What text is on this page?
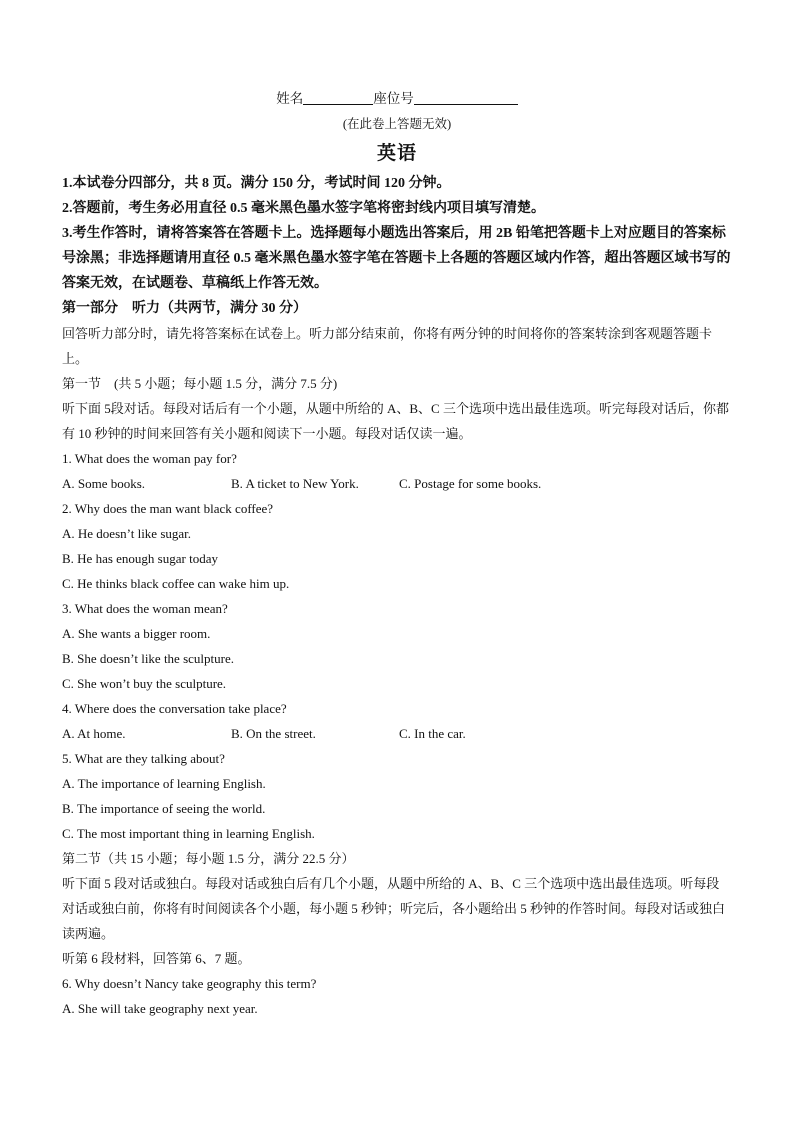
姓名	座位号
(在此卷上答题无效)
英语
1.本试卷分四部分，共 8 页。满分 150 分，考试时间 120 分钟。
2.答题前，考生务必用直径 0.5 毫米黑色墨水签字笔将密封线内项目填写清楚。
3.考生作答时，请将答案答在答题卡上。选择题每小题选出答案后，用 2B 铅笔把答题卡上对应题目的答案标号涂黑；非选择题请用直径 0.5 毫米黑色墨水签字笔在答题卡上各题的答题区域内作答，超出答题区域书写的答案无效，在试题卷、草稿纸上作答无效。
第一部分　听力（共两节，满分 30 分）
回答听力部分时，请先将答案标在试卷上。听力部分结束前，你将有两分钟的时间将你的答案转涂到客观题答题卡上。
第一节　(共 5 小题；每小题 1.5 分，满分 7.5 分)
听下面 5段对话。每段对话后有一个小题，从题中所给的 A、B、C 三个选项中选出最佳选项。听完每段对话后，你都有 10 秒钟的时间来回答有关小题和阅读下一小题。每段对话仅读一遍。
1. What does the woman pay for?
A. Some books.	B. A ticket to New York.	C. Postage for some books.
2. Why does the man want black coffee?
A. He doesn’t like sugar.
B. He has enough sugar today
C. He thinks black coffee can wake him up.
3. What does the woman mean?
A. She wants a bigger room.
B. She doesn’t like the sculpture.
C. She won’t buy the sculpture.
4. Where does the conversation take place?
A. At home.	B. On the street.	C. In the car.
5. What are they talking about?
A. The importance of learning English.
B. The importance of seeing the world.
C. The most important thing in learning English.
第二节（共 15 小题；每小题 1.5 分，满分 22.5 分）
听下面 5 段对话或独白。每段对话或独白后有几个小题，从题中所给的 A、B、C 三个选项中选出最佳选项。听每段对话或独白前，你将有时间阅读各个小题，每小题 5 秒钟；听完后，各小题给出 5 秒钟的作答时间。每段对话或独白读两遍。
听第 6 段材料，回答第 6、7 题。
6. Why doesn’t Nancy take geography this term?
A. She will take geography next year.
